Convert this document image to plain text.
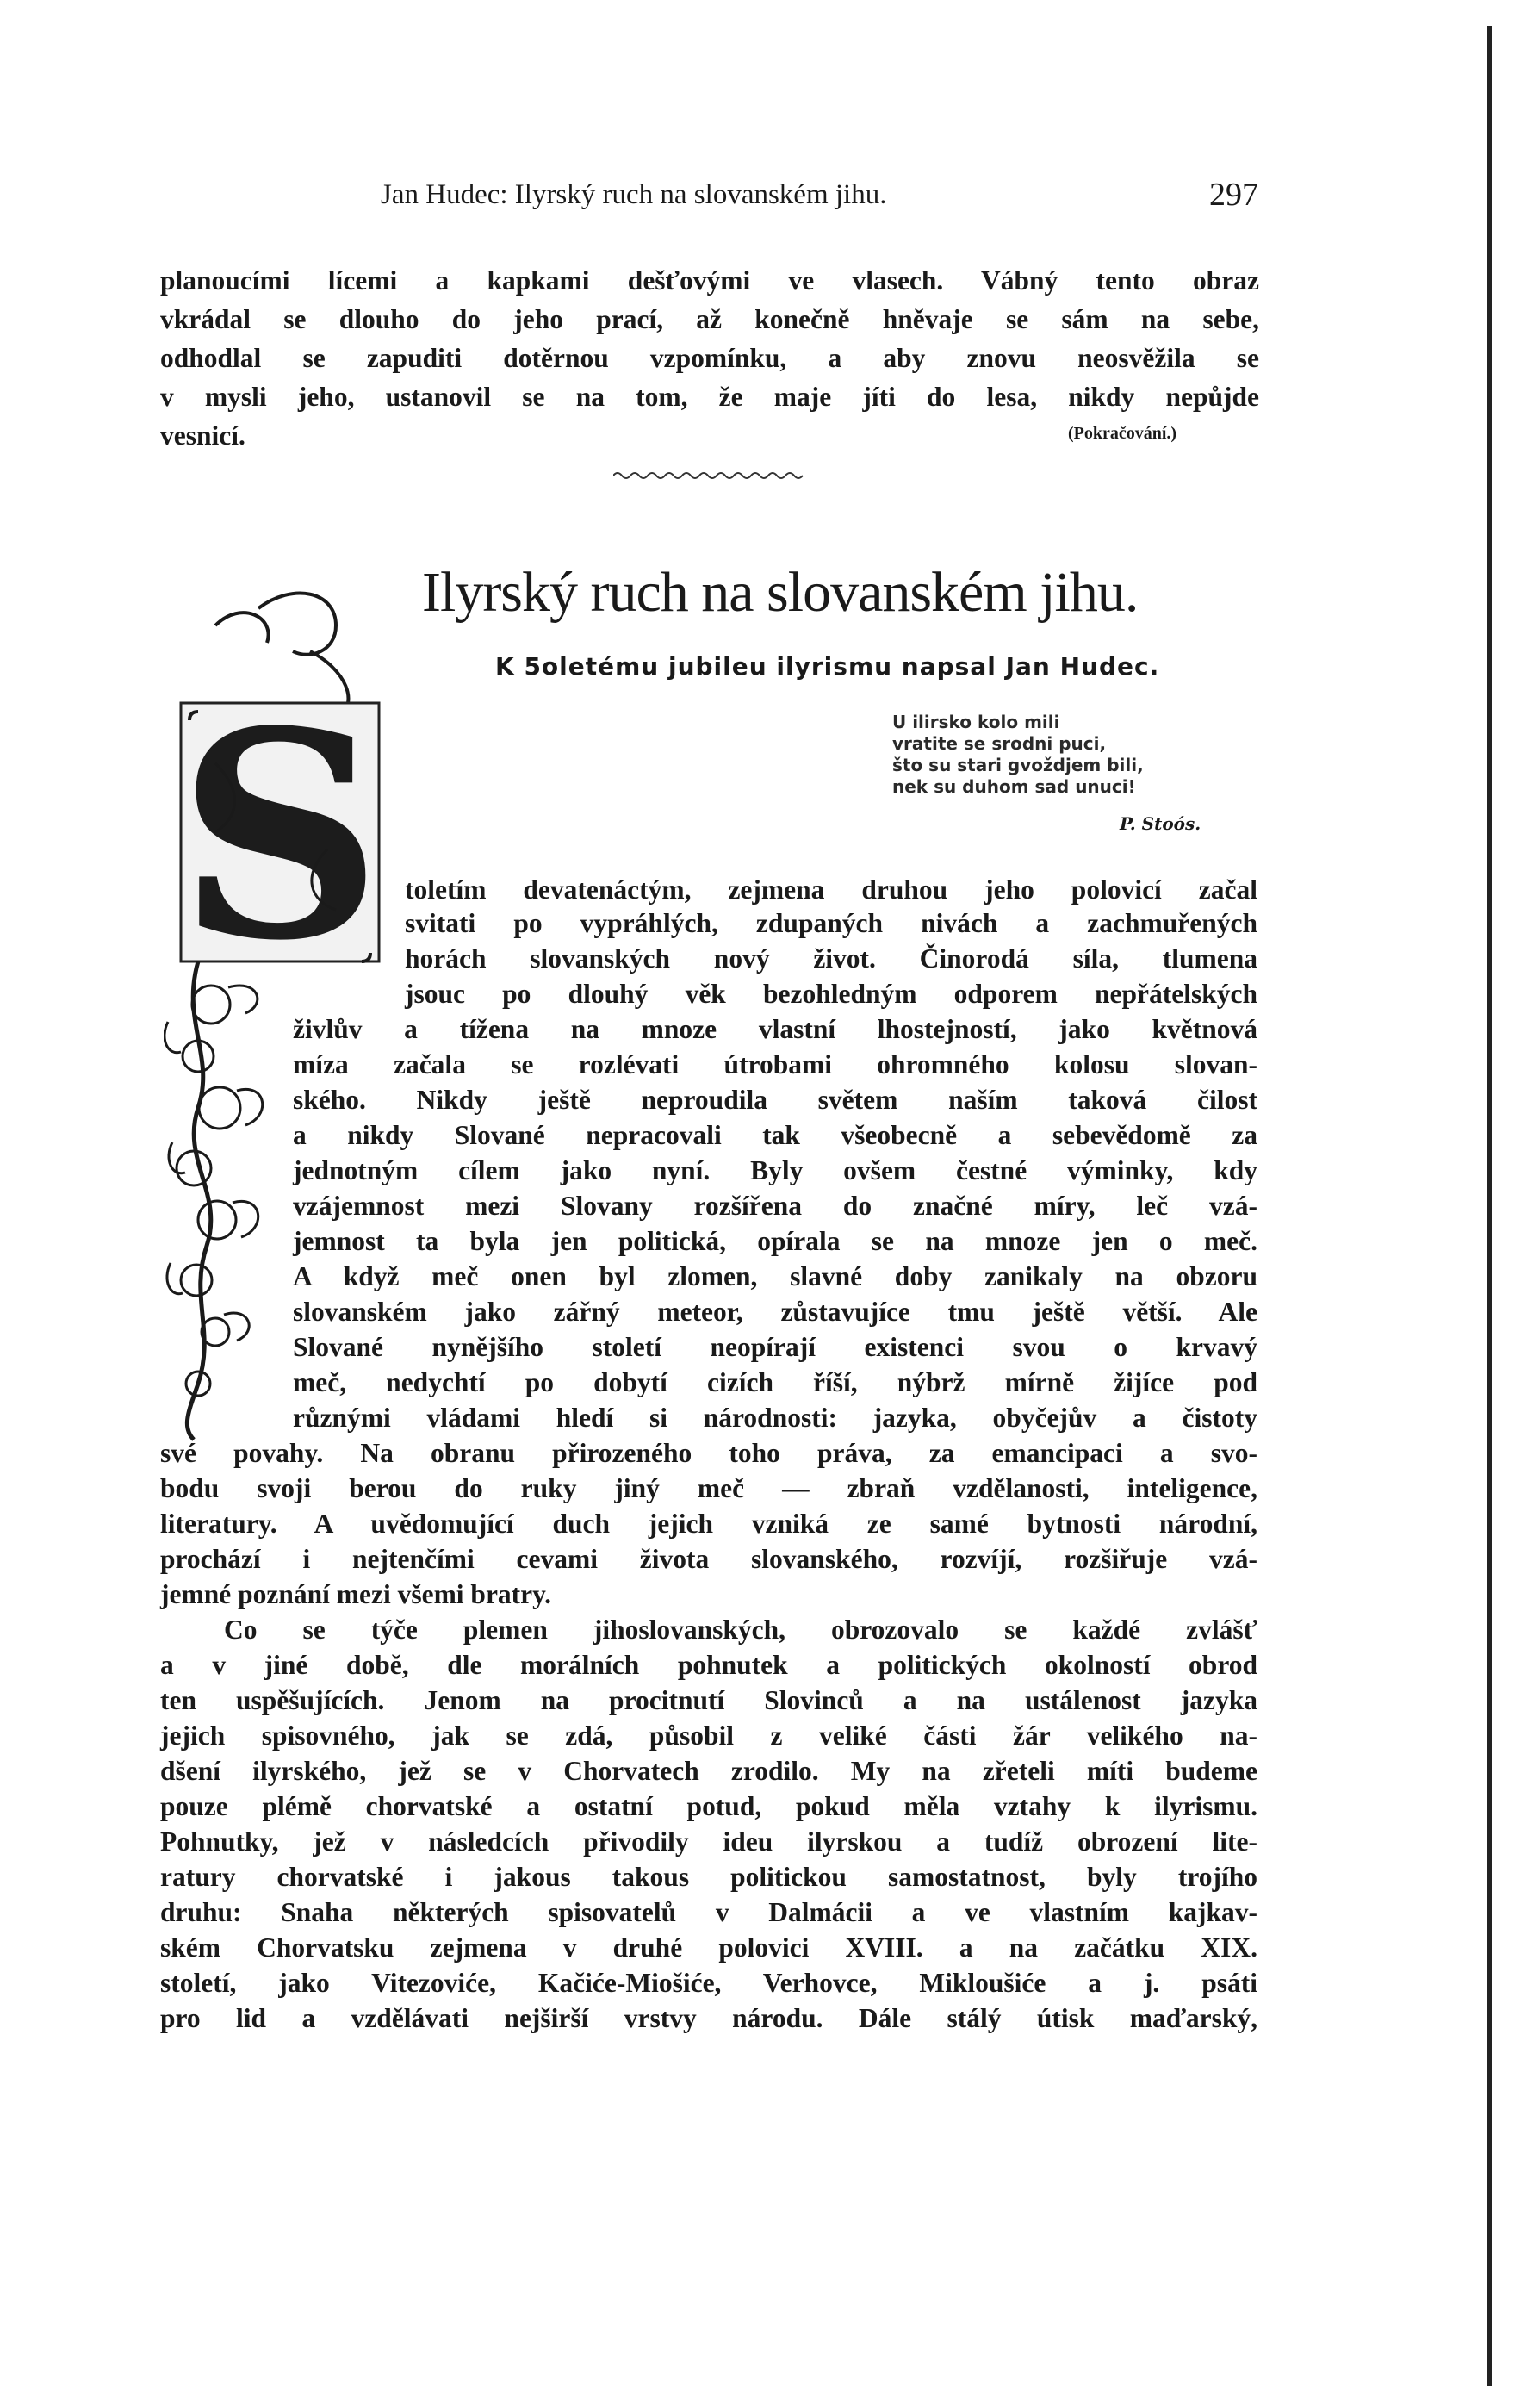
Jan Hudec: Ilyrský ruch na slovanském jihu.	297
planoucími lícemi a kapkami dešťovými ve vlasech. Vábný tento obraz
vkrádal se dlouho do jeho prací, až konečně hněvaje se sám na sebe,
odhodlal se zapuditi dotěrnou vzpomínku, a aby znovu neosvěžila se
v mysli jeho, ustanovil se na tom, že maje jíti do lesa, nikdy nepůjde
vesnicí.	(Pokračování.)
Ilyrský ruch na slovanském jihu.
K 5oletému jubileu ilyrismu napsal Jan Hudec.
U ilirsko kolo mili
vratite se srodni puci,
što su stari gvoždjem bili,
nek su duhom sad unuci!
P. Stoós.
S toletím devatenáctým, zejmena druhou jeho polovicí začal
svitati po vypráhlých, zdupaných nivách a zachmuřených
horách slovanských nový život. Činorodá síla, tlumena
jsouc po dlouhý věk bezohledným odporem nepřátelských
živlův a tížena na mnoze vlastní lhostejností, jako květnová
míza začala se rozlévati útrobami ohromného kolosu slovan-
ského. Nikdy ještě neproudila světem naším taková čilost
a nikdy Slované nepracovali tak všeobecně a sebevědomě za
jednotným cílem jako nyní. Byly ovšem čestné výminky, kdy
vzájemnost mezi Slovany rozšířena do značné míry, leč vzá-
jemnost ta byla jen politická, opírala se na mnoze jen o meč.
A když meč onen byl zlomen, slavné doby zanikaly na obzoru
slovanském jako zářný meteor, zůstavujíce tmu ještě větší. Ale
Slované nynějšího století neopírají existenci svou o krvavý
meč, nedychtí po dobytí cizích říší, nýbrž mírně žijíce pod
různými vládami hledí si národnosti: jazyka, obyčejův a čistoty
své povahy. Na obranu přirozeného toho práva, za emancipaci a svo-
bodu svoji berou do ruky jiný meč — zbraň vzdělanosti, inteligence,
literatury. A uvědomující duch jejich vzniká ze samé bytnosti národní,
prochází i nejtenčími cevami života slovanského, rozvíjí, rozšiřuje vzá-
jemné poznání mezi všemi bratry.
Co se týče plemen jihoslovanských, obrozovalo se každé zvlášť
a v jiné době, dle morálních pohnutek a politických okolností obrod
ten uspěšujících. Jenom na procitnutí Slovinců a na ustálenost jazyka
jejich spisovného, jak se zdá, působil z veliké části žár velikého na-
dšení ilyrského, jež se v Chorvatech zrodilo. My na zřeteli míti budeme
pouze plémě chorvatské a ostatní potud, pokud měla vztahy k ilyrismu.
Pohnutky, jež v následcích přivodily ideu ilyrskou a tudíž obrození lite-
ratury chorvatské i jakous takous politickou samostatnost, byly trojího
druhu: Snaha některých spisovatelů v Dalmácii a ve vlastním kajkav-
ském Chorvatsku zejmena v druhé polovici XVIII. a na začátku XIX.
století, jako Vitezoviće, Kačiće-Miošiće, Verhovce, Mikloušiće a j. psáti
pro lid a vzdělávati nejširší vrstvy národu. Dále stálý útisk maďarský,
